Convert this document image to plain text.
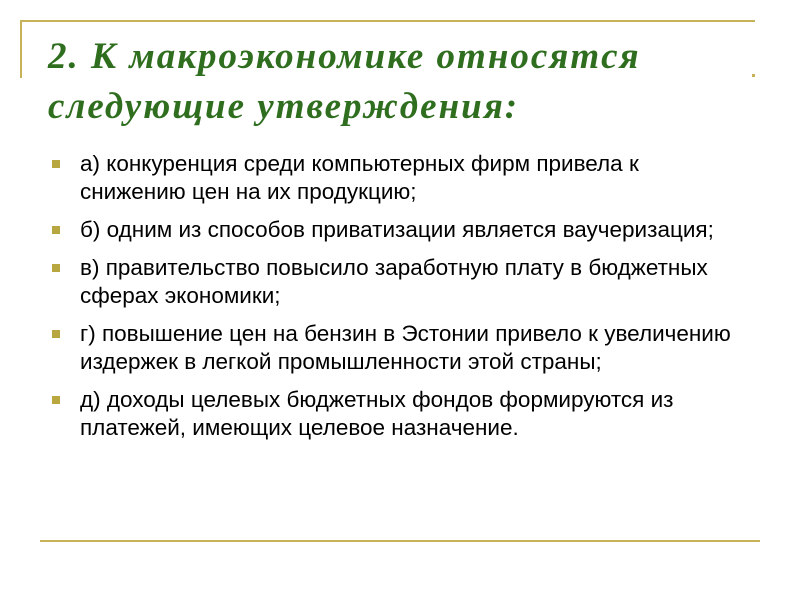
2. К макроэкономике относятся следующие утверждения:
а) конкуренция среди компьютерных фирм привела к снижению цен на их продукцию;
б) одним из способов приватизации является ваучеризация;
в) правительство повысило заработную плату в бюджетных сферах экономики;
г) повышение цен на бензин в Эстонии привело к увеличению издержек в легкой промышленности этой страны;
д) доходы целевых бюджетных фондов формируются из платежей, имеющих целевое назначение.
